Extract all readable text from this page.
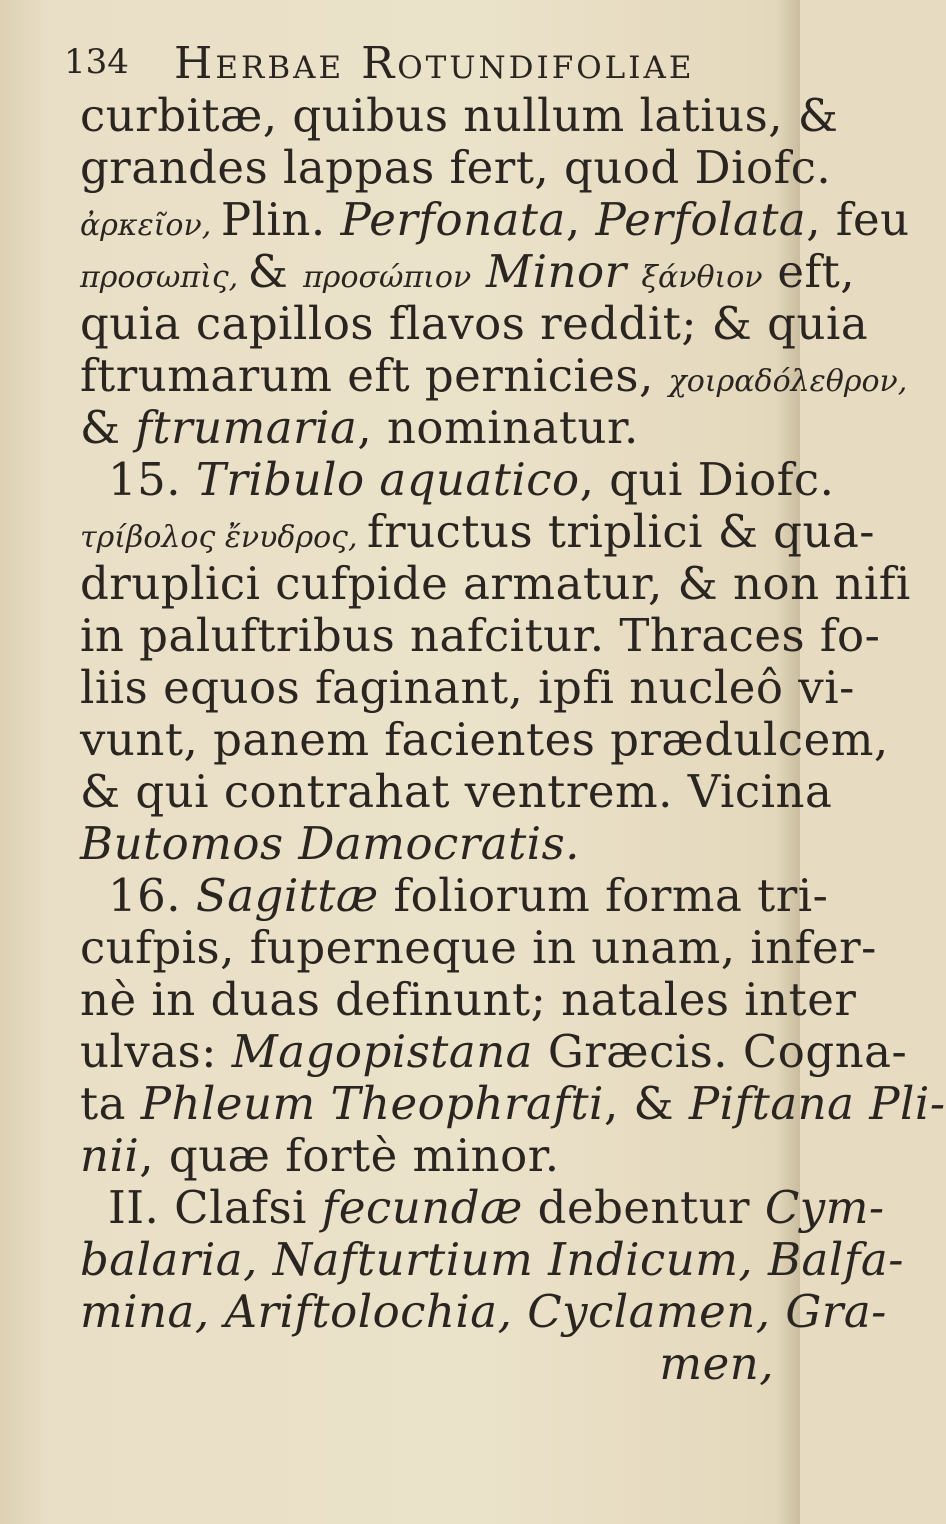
134 Herbae Rotundifoliae
curbitæ, quibus nullum latius, &
grandes lappas fert, quod Diofc.
ἀρκεῖον, Plin. Perfonata, Perfolata, feu
προσωπὶς, & προσώπιον Minor ξάνθιον eft,
quia capillos flavos reddit; & quia
ftrumarum eft pernicies, χοιραδόλεθρον,
& ftrumaria, nominatur.
15. Tribulo aquatico, qui Diofc.
τρίβολος ἔνυδρος, fructus triplici & qua-
druplici cufpide armatur, & non nifi
in paluftribus nafcitur. Thraces fo-
liis equos faginant, ipfi nucleô vi-
vunt, panem facientes prædulcem,
& qui contrahat ventrem. Vicina
Butomos Damocratis.
16. Sagittæ foliorum forma tri-
cufpis, fuperneque in unam, infer-
nè in duas definunt; natales inter
ulvas: Magopistana Græcis. Cogna-
ta Phleum Theophrafti, & Piftana Pli-
nii, quæ fortè minor.
II. Clafsi fecundæ debentur Cym-
balaria, Nafturtium Indicum, Balfa-
mina, Ariftolochia, Cyclamen, Gra-
men,
